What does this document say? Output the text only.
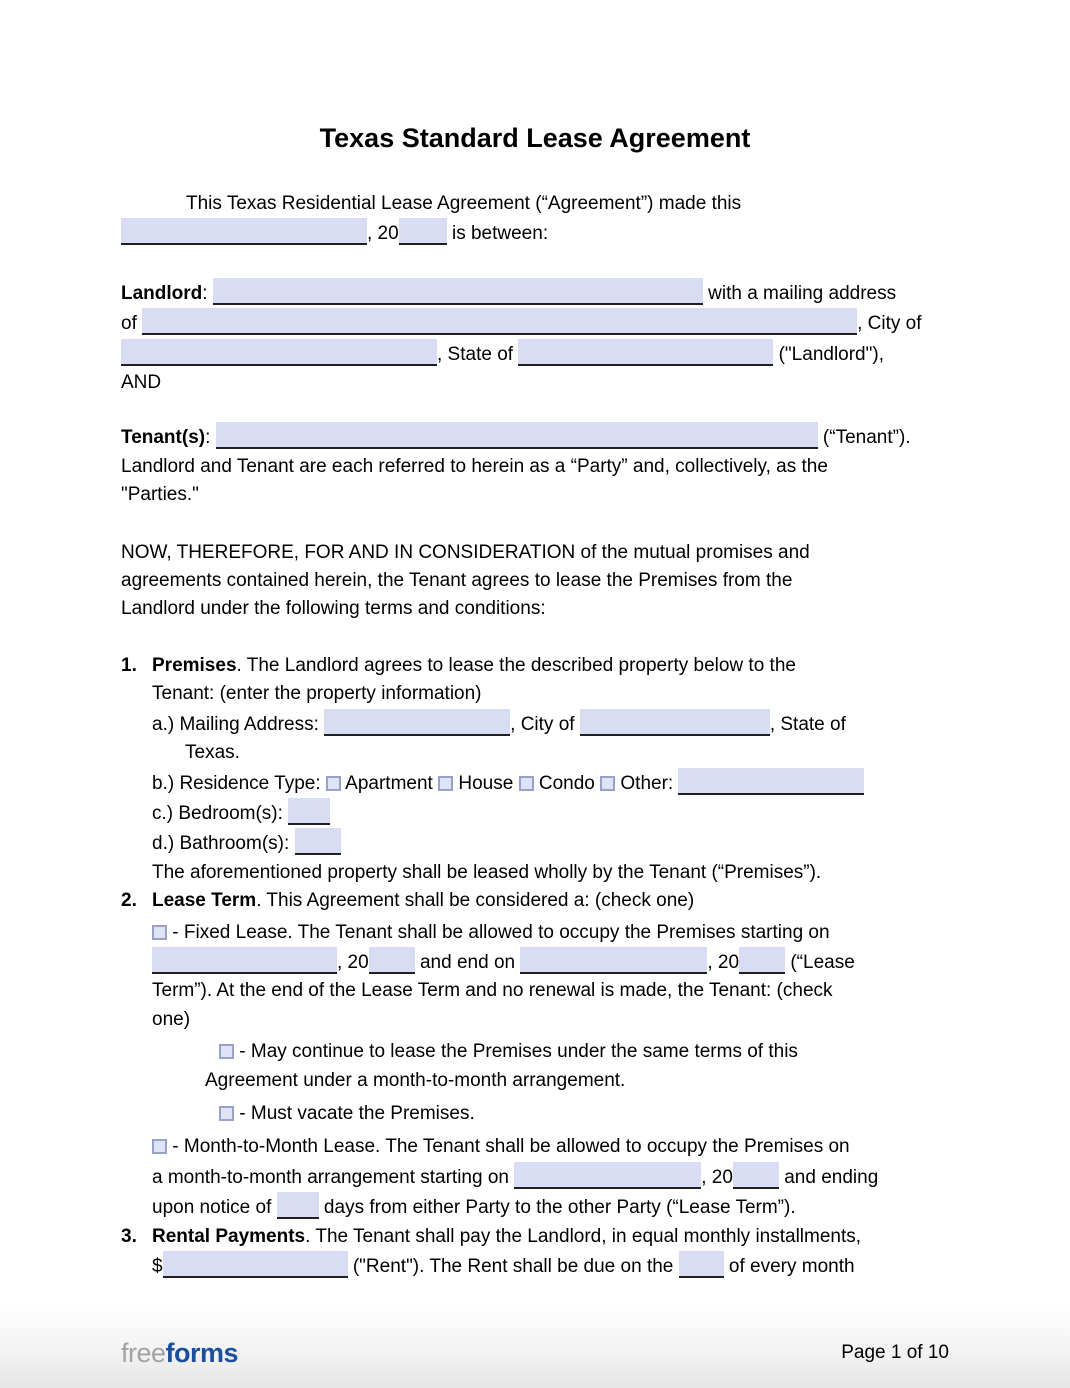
Texas Standard Lease Agreement
This Texas Residential Lease Agreement (“Agreement”) made this
, 20	is between:
Landlord:	with a mailing address
of	, City of
, State of	("Landlord"),
AND
Tenant(s):	(“Tenant”).
Landlord and Tenant are each referred to herein as a “Party” and, collectively, as the
"Parties."
NOW, THEREFORE, FOR AND IN CONSIDERATION of the mutual promises and
agreements contained herein, the Tenant agrees to lease the Premises from the
Landlord under the following terms and conditions:
1. Premises. The Landlord agrees to lease the described property below to the
Tenant: (enter the property information)
a.) Mailing Address:	, City of	, State of
Texas.
b.) Residence Type:  Apartment  House  Condo  Other:
c.) Bedroom(s):
d.) Bathroom(s):
The aforementioned property shall be leased wholly by the Tenant (“Premises”).
2. Lease Term. This Agreement shall be considered a: (check one)
- Fixed Lease. The Tenant shall be allowed to occupy the Premises starting on
, 20 and end on	, 20 (“Lease
Term”). At the end of the Lease Term and no renewal is made, the Tenant: (check
one)
- May continue to lease the Premises under the same terms of this
Agreement under a month-to-month arrangement.
- Must vacate the Premises.
- Month-to-Month Lease. The Tenant shall be allowed to occupy the Premises on
a month-to-month arrangement starting on	, 20 and ending
upon notice of  days from either Party to the other Party (“Lease Term”).
3. Rental Payments. The Tenant shall pay the Landlord, in equal monthly installments,
$	("Rent"). The Rent shall be due on the  of every month
freeforms	Page 1 of 10
